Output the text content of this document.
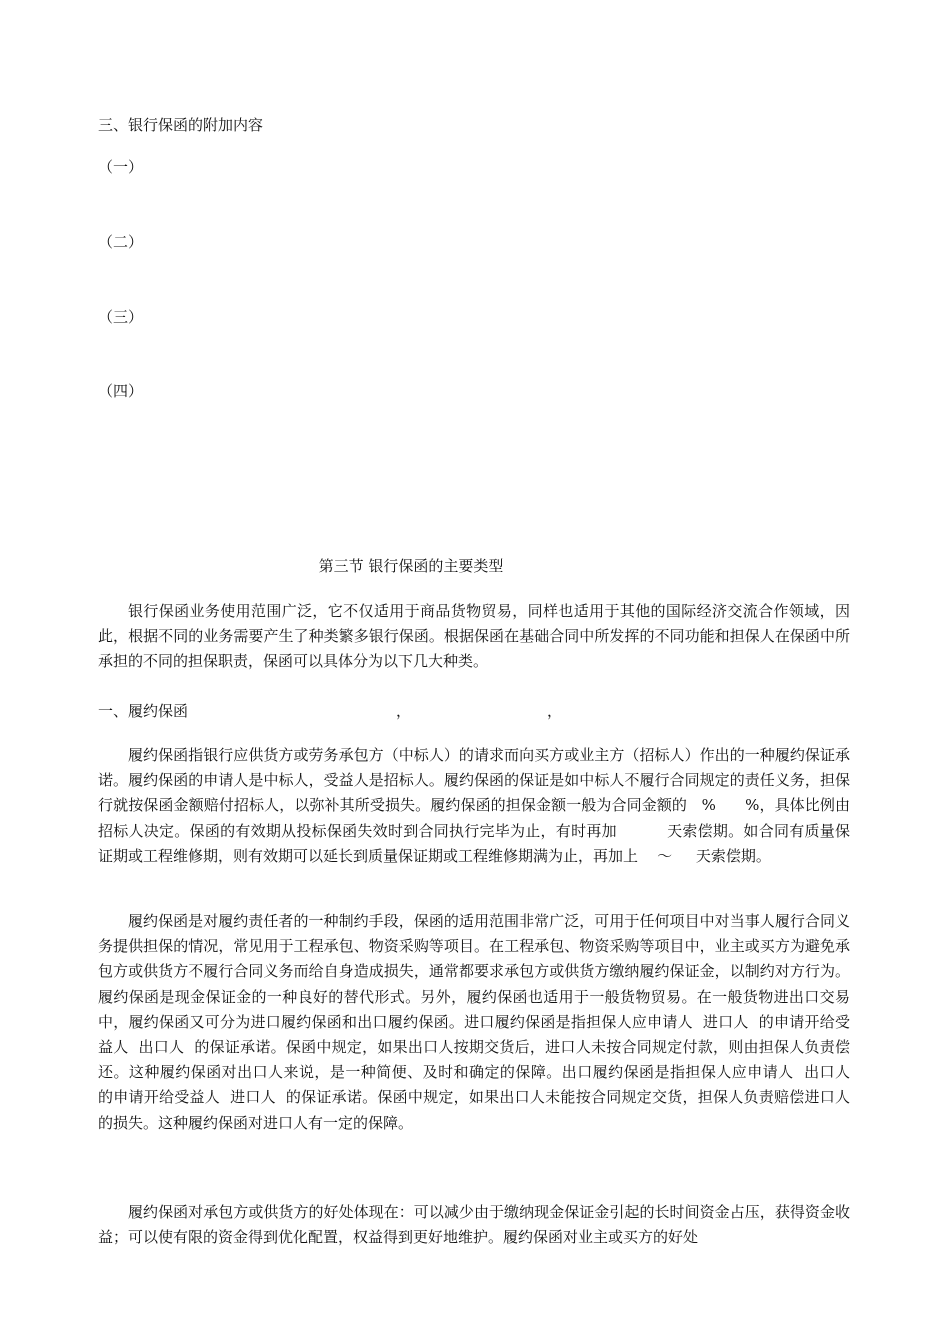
三、银行保函的附加内容
（一）
（二）
（三）
（四）
第三节 银行保函的主要类型
银行保函业务使用范围广泛，它不仅适用于商品货物贸易，同样也适用于其他的国际经济交流合作领域，因此，根据不同的业务需要产生了种类繁多银行保函。根据保函在基础合同中所发挥的不同功能和担保人在保函中所承担的不同的担保职责，保函可以具体分为以下几大种类。
一、履约保函	，	，
履约保函指银行应供货方或劳务承包方（中标人）的请求而向买方或业主方（招标人）作出的一种履约保证承诺。履约保函的申请人是中标人，受益人是招标人。履约保函的保证是如中标人不履行合同规定的责任义务，担保行就按保函金额赔付招标人，以弥补其所受损失。履约保函的担保金额一般为合同金额的   %      %，具体比例由招标人决定。保函的有效期从投标保函失效时到合同执行完毕为止，有时再加          天索偿期。如合同有质量保证期或工程维修期，则有效期可以延长到质量保证期或工程维修期满为止，再加上    ～     天索偿期。
履约保函是对履约责任者的一种制约手段，保函的适用范围非常广泛，可用于任何项目中对当事人履行合同义务提供担保的情况，常见用于工程承包、物资采购等项目。在工程承包、物资采购等项目中，业主或买方为避免承包方或供货方不履行合同义务而给自身造成损失，通常都要求承包方或供货方缴纳履约保证金，以制约对方行为。履约保函是现金保证金的一种良好的替代形式。另外，履约保函也适用于一般货物贸易。在一般货物进出口交易中，履约保函又可分为进口履约保函和出口履约保函。进口履约保函是指担保人应申请人  进口人  的申请开给受益人  出口人  的保证承诺。保函中规定，如果出口人按期交货后，进口人未按合同规定付款，则由担保人负责偿还。这种履约保函对出口人来说，是一种简便、及时和确定的保障。出口履约保函是指担保人应申请人  出口人  的申请开给受益人  进口人  的保证承诺。保函中规定，如果出口人未能按合同规定交货，担保人负责赔偿进口人的损失。这种履约保函对进口人有一定的保障。
履约保函对承包方或供货方的好处体现在：可以减少由于缴纳现金保证金引起的长时间资金占压，获得资金收益；可以使有限的资金得到优化配置，权益得到更好地维护。履约保函对业主或买方的好处
